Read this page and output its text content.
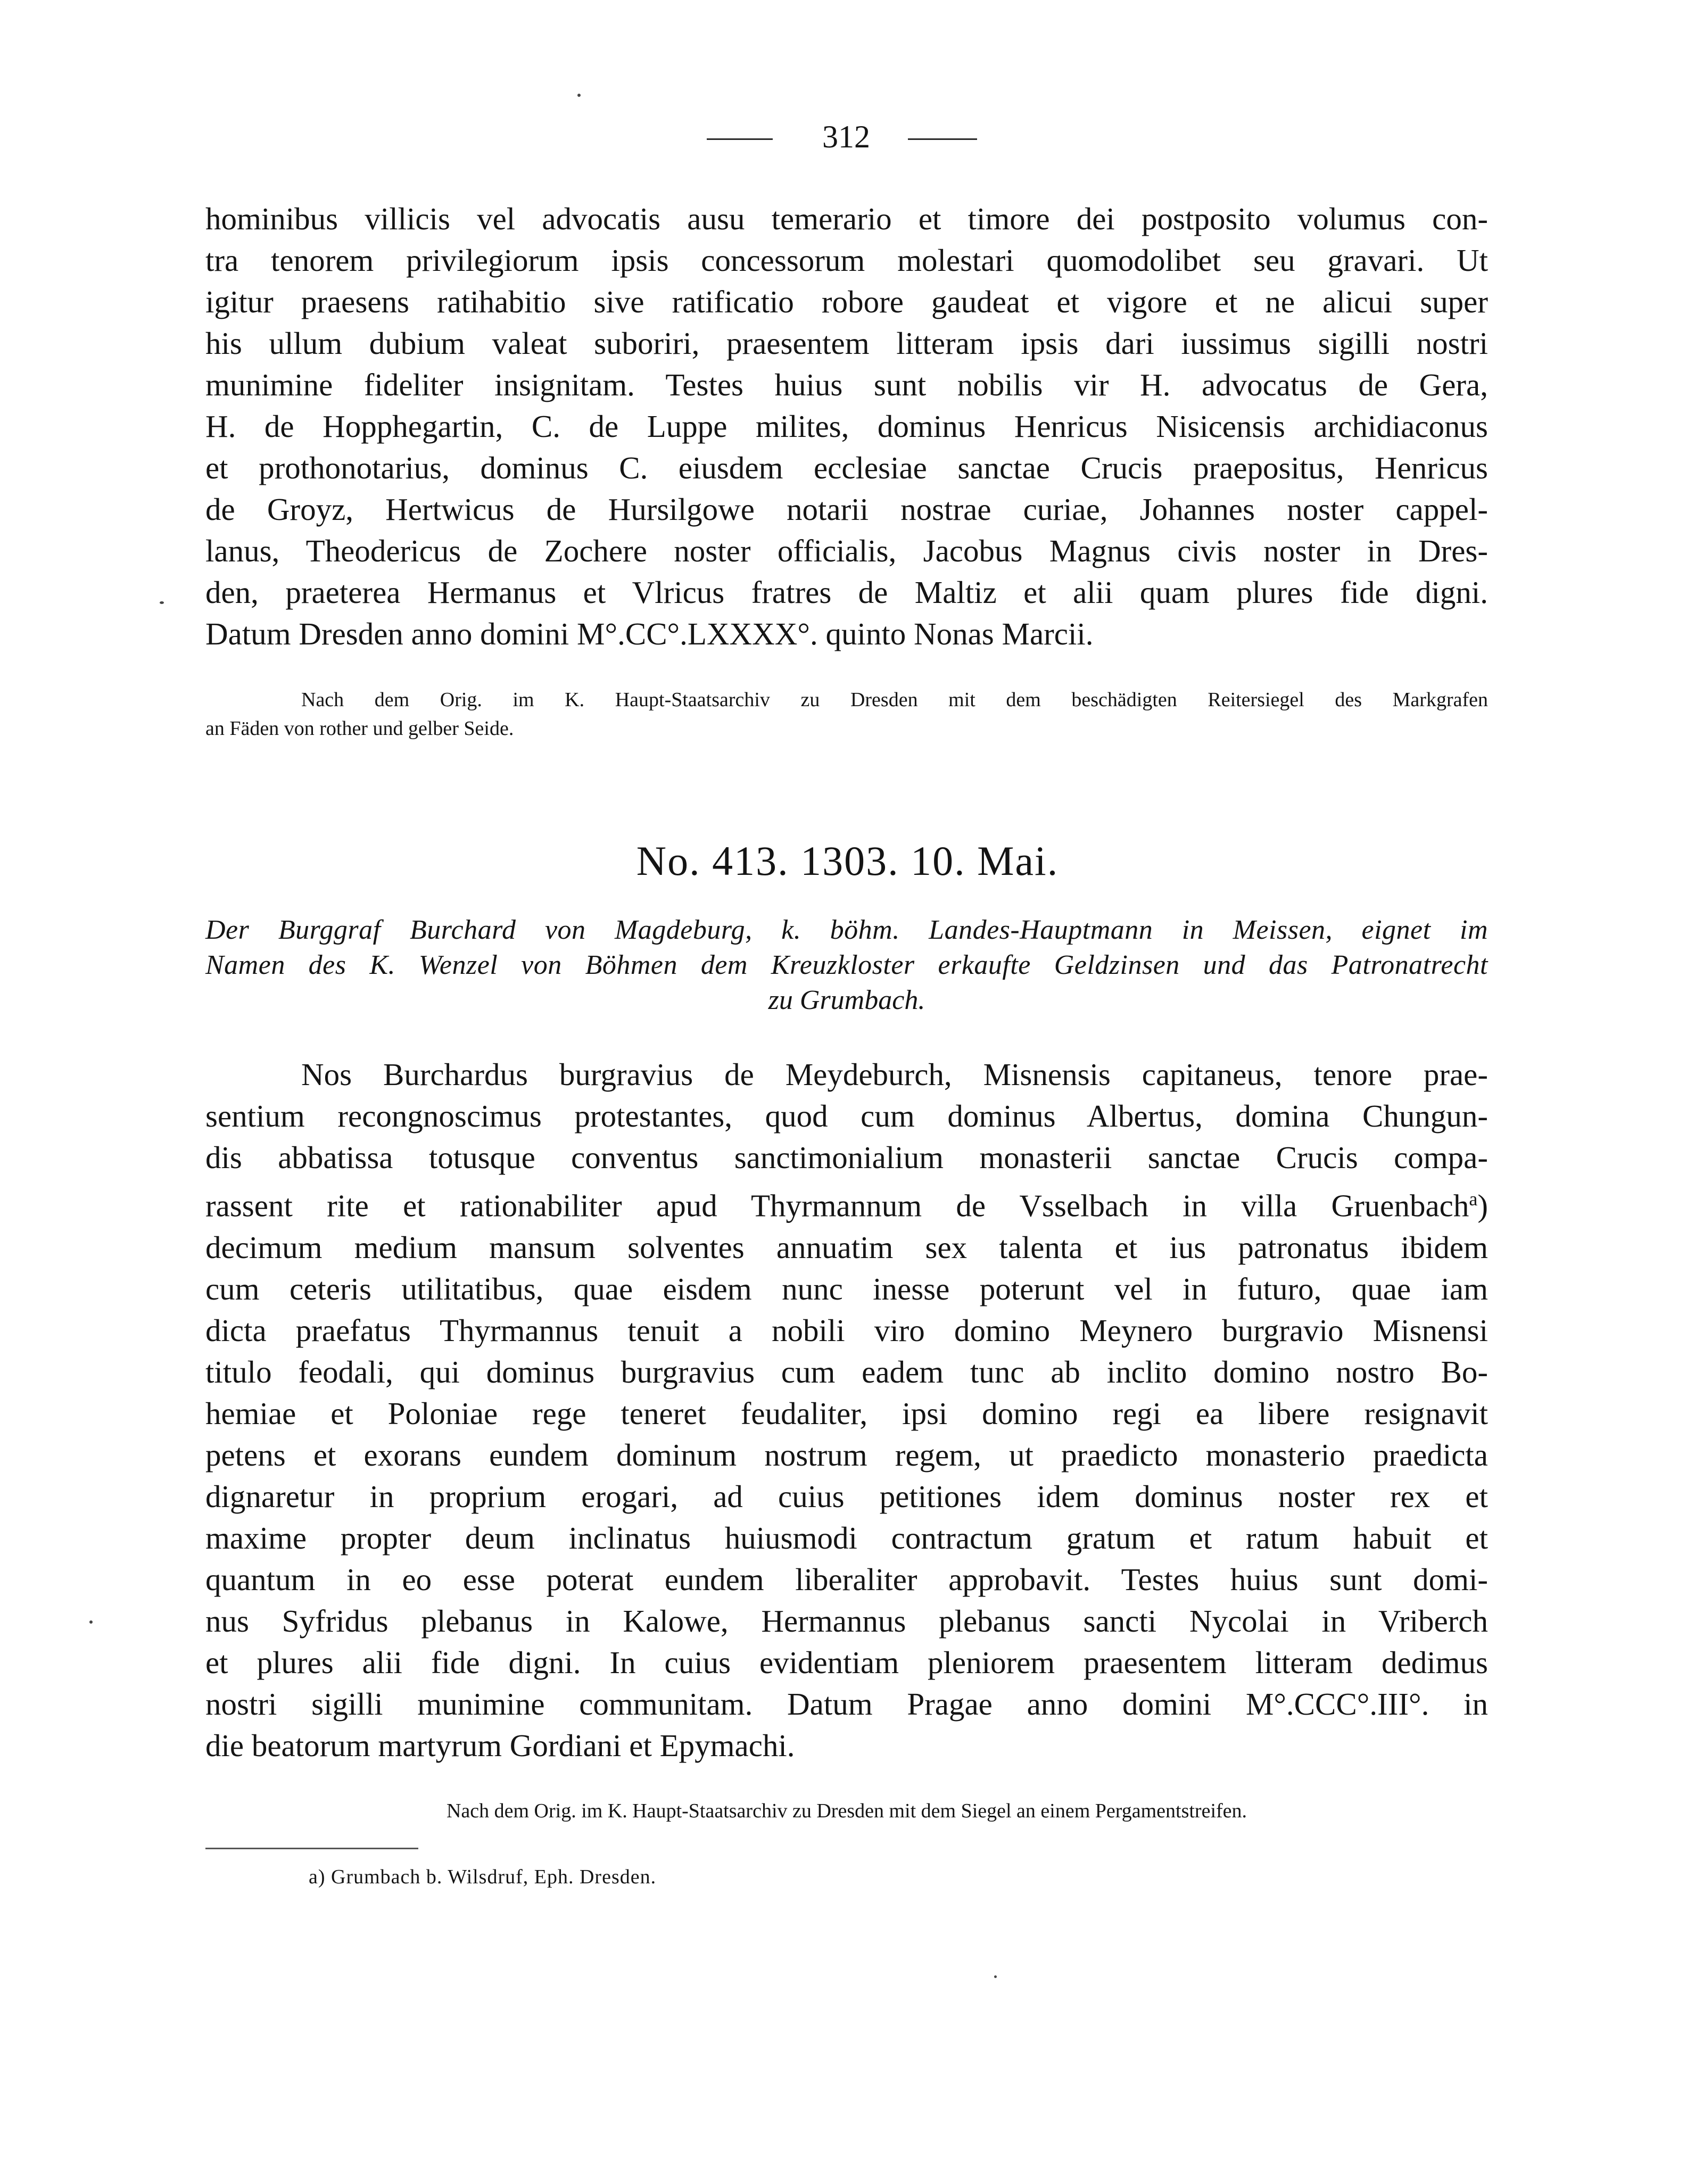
312
hominibus villicis vel advocatis ausu temerario et timore dei postposito volumus con-
tra tenorem privilegiorum ipsis concessorum molestari quomodolibet seu gravari. Ut
igitur praesens ratihabitio sive ratificatio robore gaudeat et vigore et ne alicui super
his ullum dubium valeat suboriri, praesentem litteram ipsis dari iussimus sigilli nostri
munimine fideliter insignitam. Testes huius sunt nobilis vir H. advocatus de Gera,
H. de Hopphegartin, C. de Luppe milites, dominus Henricus Nisicensis archidiaconus
et prothonotarius, dominus C. eiusdem ecclesiae sanctae Crucis praepositus, Henricus
de Groyz, Hertwicus de Hursilgowe notarii nostrae curiae, Johannes noster cappel-
lanus, Theodericus de Zochere noster officialis, Jacobus Magnus civis noster in Dres-
den, praeterea Hermanus et Vlricus fratres de Maltiz et alii quam plures fide digni.
Datum Dresden anno domini M°.CC°.LXXXX°. quinto Nonas Marcii.
Nach dem Orig. im K. Haupt-Staatsarchiv zu Dresden mit dem beschädigten Reitersiegel des Markgrafen
an Fäden von rother und gelber Seide.
No. 413. 1303. 10. Mai.
Der Burggraf Burchard von Magdeburg, k. böhm. Landes-Hauptmann in Meissen, eignet im
Namen des K. Wenzel von Böhmen dem Kreuzkloster erkaufte Geldzinsen und das Patronatrecht
zu Grumbach.
Nos Burchardus burgravius de Meydeburch, Misnensis capitaneus, tenore prae-
sentium recongnoscimus protestantes, quod cum dominus Albertus, domina Chungun-
dis abbatissa totusque conventus sanctimonialium monasterii sanctae Crucis compa-
rassent rite et rationabiliter apud Thyrmannum de Vsselbach in villa Gruenbach$^a$)
decimum medium mansum solventes annuatim sex talenta et ius patronatus ibidem
cum ceteris utilitatibus, quae eisdem nunc inesse poterunt vel in futuro, quae iam
dicta praefatus Thyrmannus tenuit a nobili viro domino Meynero burgravio Misnensi
titulo feodali, qui dominus burgravius cum eadem tunc ab inclito domino nostro Bo-
hemiae et Poloniae rege teneret feudaliter, ipsi domino regi ea libere resignavit
petens et exorans eundem dominum nostrum regem, ut praedicto monasterio praedicta
dignaretur in proprium erogari, ad cuius petitiones idem dominus noster rex et
maxime propter deum inclinatus huiusmodi contractum gratum et ratum habuit et
quantum in eo esse poterat eundem liberaliter approbavit. Testes huius sunt domi-
nus Syfridus plebanus in Kalowe, Hermannus plebanus sancti Nycolai in Vriberch
et plures alii fide digni. In cuius evidentiam pleniorem praesentem litteram dedimus
nostri sigilli munimine communitam. Datum Pragae anno domini M°.CCC°.III°. in
die beatorum martyrum Gordiani et Epymachi.
Nach dem Orig. im K. Haupt-Staatsarchiv zu Dresden mit dem Siegel an einem Pergamentstreifen.
a) Grumbach b. Wilsdruf, Eph. Dresden.
